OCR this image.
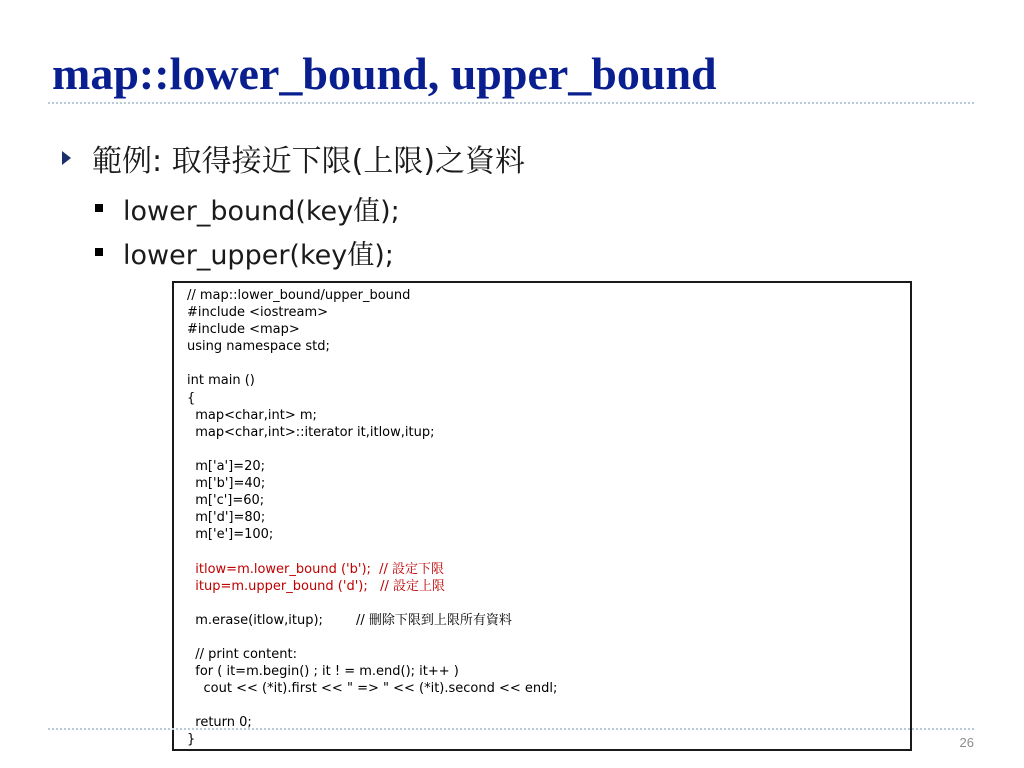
map::lower_bound, upper_bound
範例: 取得接近下限(上限)之資料
lower_bound(key值);
lower_upper(key值);
// map::lower_bound/upper_bound
#include <iostream>
#include <map>
using namespace std;
int main ()
{
map<char,int> m;
map<char,int>::iterator it,itlow,itup;
m['a']=20;
m['b']=40;
m['c']=60;
m['d']=80;
m['e']=100;
itlow=m.lower_bound ('b');  // 設定下限
itup=m.upper_bound ('d');   // 設定上限
m.erase(itlow,itup);        // 刪除下限到上限所有資料
// print content:
for ( it=m.begin() ; it ! = m.end(); it++ )
cout << (*it).first << " => " << (*it).second << endl;
return 0;
}	26
